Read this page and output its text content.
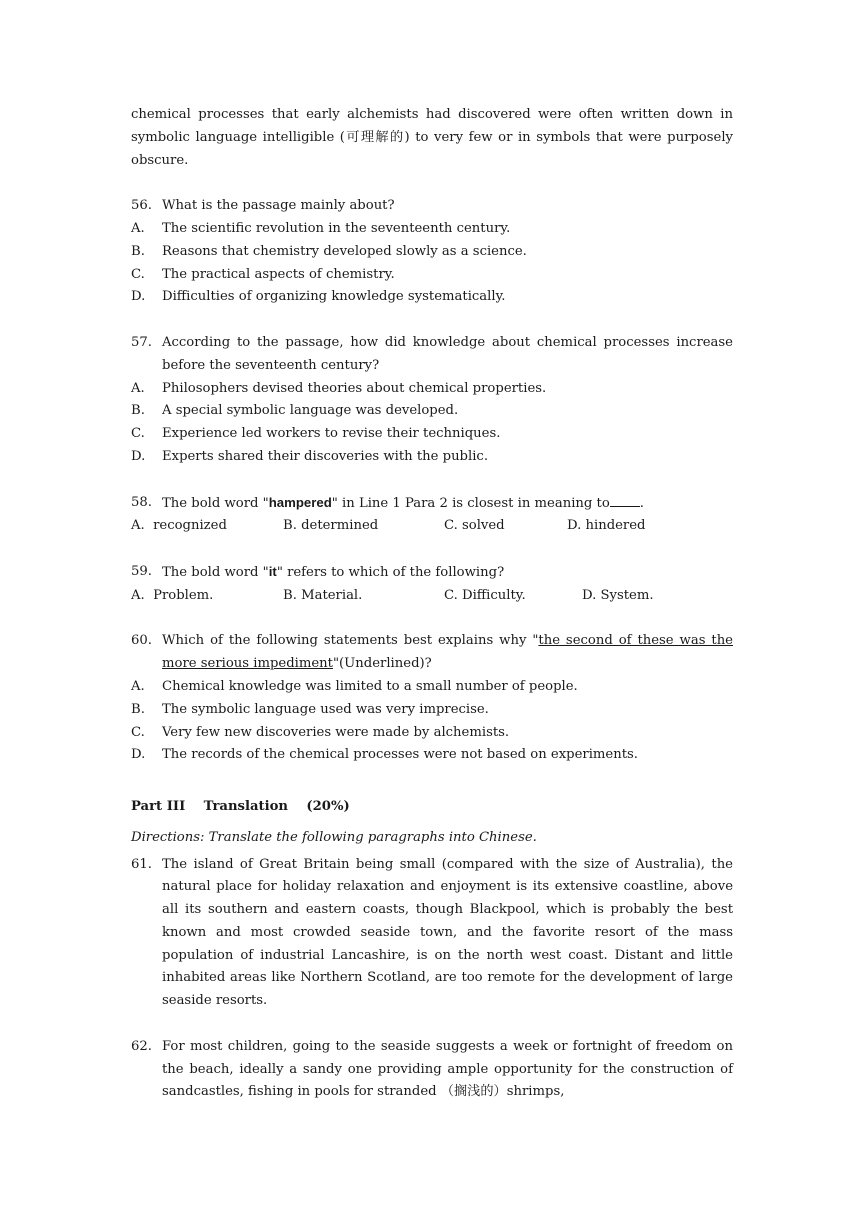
chemical processes that early alchemists had discovered were often written down in symbolic language intelligible (可理解的) to very few or in symbols that were purposely obscure.

56. What is the passage mainly about?
A.	The scientific revolution in the seventeenth century.
B.	Reasons that chemistry developed slowly as a science.
C.	The practical aspects of chemistry.
D.	Difficulties of organizing knowledge systematically.
57. According to the passage, how did knowledge about chemical processes increase before the seventeenth century?
A.	Philosophers devised theories about chemical properties.
B.	A special symbolic language was developed.
C.	Experience led workers to revise their techniques.
D.	Experts shared their discoveries with the public.
58. The bold word "hampered" in Line 1 Para 2 is closest in meaning to .
A.  recognized	B. determined	C. solved	D. hindered
59. The bold word "it" refers to which of the following?
A.  Problem.	B. Material.	C. Difficulty.	D. System.
60. Which of the following statements best explains why "the second of these was the more serious impediment"(Underlined)?
A.	Chemical knowledge was limited to a small number of people.
B.	The symbolic language used was very imprecise.
C.	Very few new discoveries were made by alchemists.
D.	The records of the chemical processes were not based on experiments.
Part III    Translation    (20%)
Directions: Translate the following paragraphs into Chinese.
61. The island of Great Britain being small (compared with the size of Australia), the natural place for holiday relaxation and enjoyment is its extensive coastline, above all its southern and eastern coasts, though Blackpool, which is probably the best known and most crowded seaside town, and the favorite resort of the mass population of industrial Lancashire, is on the north west coast. Distant and little inhabited areas like Northern Scotland, are too remote for the development of large seaside resorts.
62. For most children, going to the seaside suggests a week or fortnight of freedom on the beach, ideally a sandy one providing ample opportunity for the construction of sandcastles, fishing in pools for stranded （搁浅的）shrimps,
